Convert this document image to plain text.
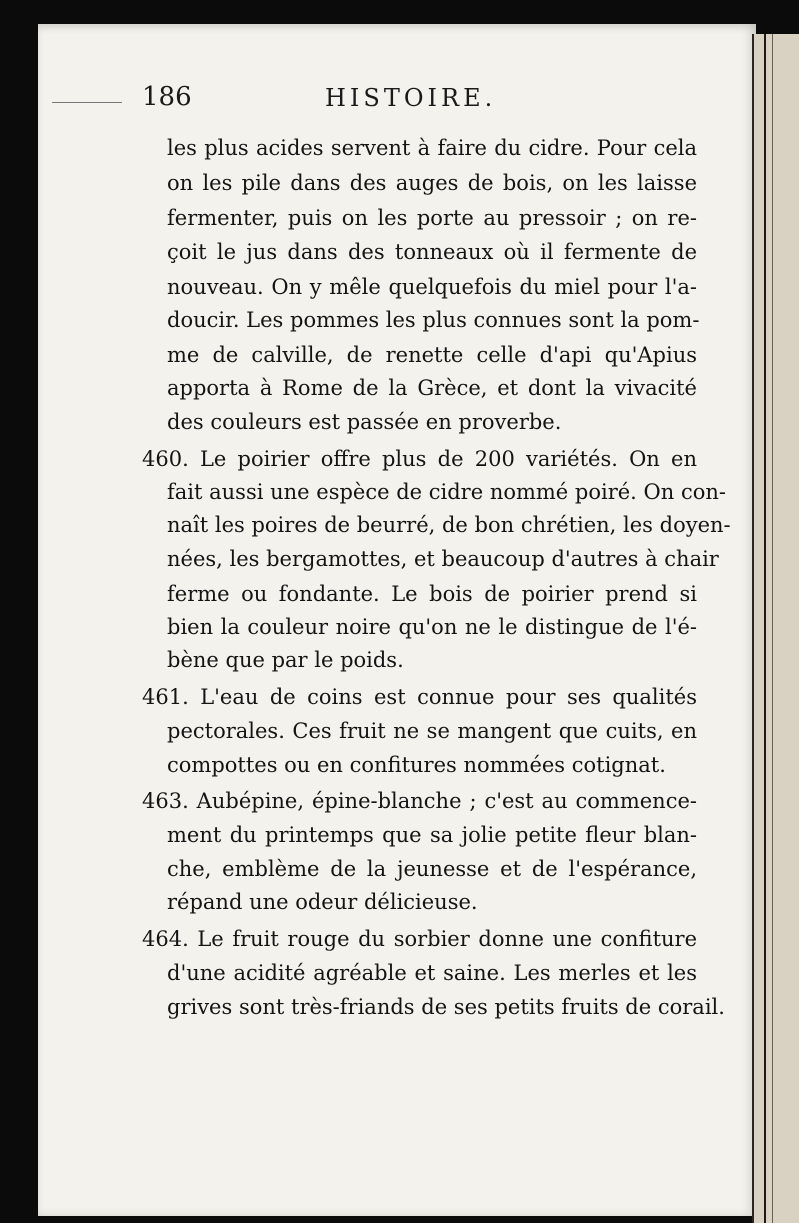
186	HISTOIRE.
les plus acides servent à faire du cidre. Pour cela
on les pile dans des auges de bois, on les laisse
fermenter, puis on les porte au pressoir ; on re-
çoit le jus dans des tonneaux où il fermente de
nouveau. On y mêle quelquefois du miel pour l'a-
doucir. Les pommes les plus connues sont la pom-
me de calville, de renette celle d'api qu'Apius
apporta à Rome de la Grèce, et dont la vivacité
des couleurs est passée en proverbe.
460. Le poirier offre plus de 200 variétés. On en
fait aussi une espèce de cidre nommé poiré. On con-
naît les poires de beurré, de bon chrétien, les doyen-
nées, les bergamottes, et beaucoup d'autres à chair
ferme ou fondante. Le bois de poirier prend si
bien la couleur noire qu'on ne le distingue de l'é-
bène que par le poids.
461. L'eau de coins est connue pour ses qualités
pectorales. Ces fruit ne se mangent que cuits, en
compottes ou en confitures nommées cotignat.
463. Aubépine, épine-blanche ; c'est au commence-
ment du printemps que sa jolie petite fleur blan-
che, emblème de la jeunesse et de l'espérance,
répand une odeur délicieuse.
464. Le fruit rouge du sorbier donne une confiture
d'une acidité agréable et saine. Les merles et les
grives sont très-friands de ses petits fruits de corail.
